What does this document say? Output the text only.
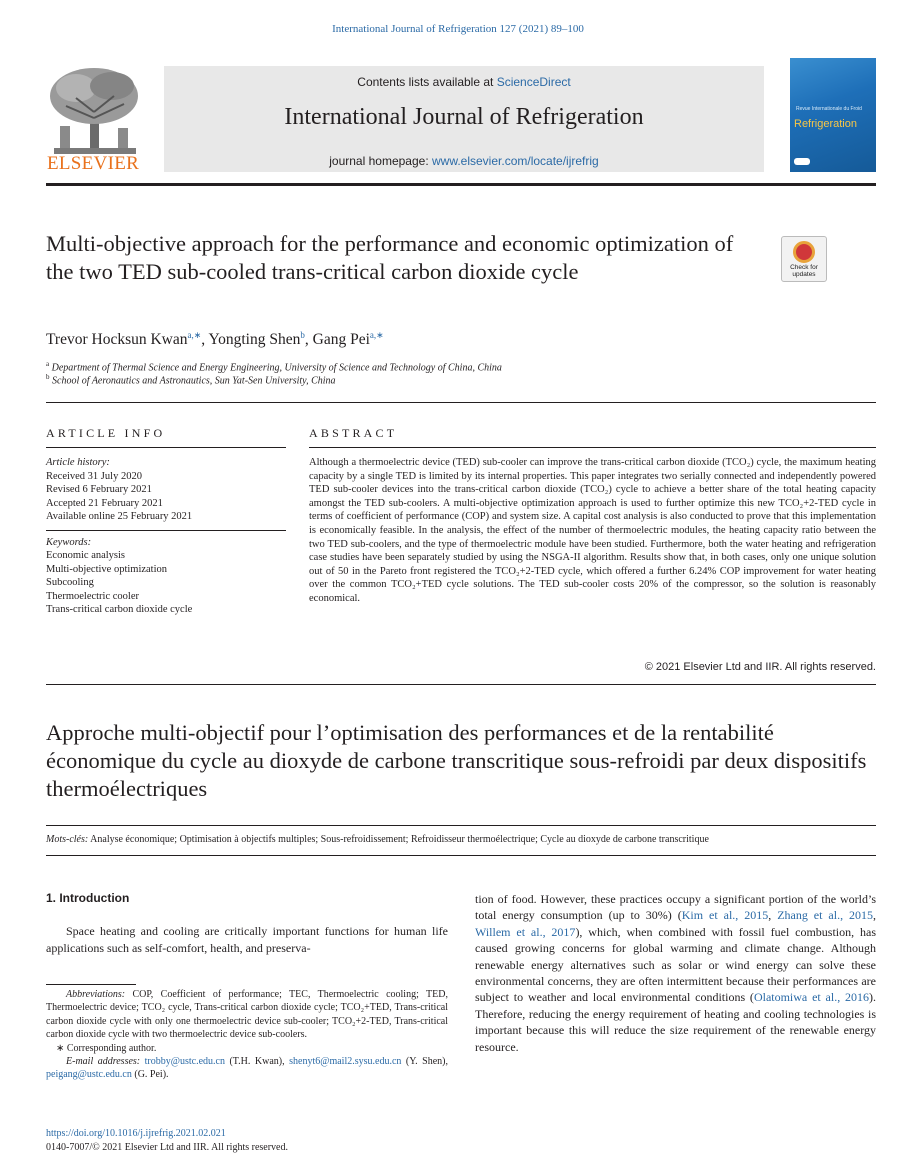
International Journal of Refrigeration 127 (2021) 89–100
ELSEVIER
Contents lists available at ScienceDirect
International Journal of Refrigeration
journal homepage: www.elsevier.com/locate/ijrefrig
Revue Internationale du Froid
Refrigeration
Multi-objective approach for the performance and economic optimization of the two TED sub-cooled trans-critical carbon dioxide cycle	Check for updates
Trevor Hocksun Kwan$^{a,∗}$, Yongting Shen$^b$, Gang Pei$^{a,∗}$
$^a$ Department of Thermal Science and Energy Engineering, University of Science and Technology of China, China
$^b$ School of Aeronautics and Astronautics, Sun Yat-Sen University, China
ARTICLE INFO	ABSTRACT
Article history:
Received 31 July 2020
Revised 6 February 2021
Accepted 21 February 2021
Available online 25 February 2021
Keywords:
Economic analysis
Multi-objective optimization
Subcooling
Thermoelectric cooler
Trans-critical carbon dioxide cycle
Although a thermoelectric device (TED) sub-cooler can improve the trans-critical carbon dioxide (TCO₂) cycle, the maximum heating capacity by a single TED is limited by its internal properties. This paper integrates two serially connected and independently powered TED sub-cooler devices into the trans-critical carbon dioxide (TCO₂) cycle to achieve a better share of the total heating capacity amongst the TED sub-coolers. A multi-objective optimization approach is used to further optimize this new TCO₂+2-TED cycle in terms of coefficient of performance (COP) and system size. A capital cost analysis is also conducted to prove that this implementation is economically feasible. In the analysis, the effect of the number of thermoelectric modules, the heating capacity ratio between the two TED sub-coolers, and the type of thermoelectric module have been studied. Furthermore, both the water heating and refrigeration case studies have been separately studied by using the NSGA-II algorithm. Results show that, in both cases, only one unique solution out of 50 in the Pareto front registered the TCO₂+2-TED cycle, which offered a further 6.24% COP improvement for water heating over the common TCO₂+TED cycle solutions. The TED sub-cooler costs 20% of the compressor, so the solution is reasonably economical.
© 2021 Elsevier Ltd and IIR. All rights reserved.
Approche multi-objectif pour l’optimisation des performances et de la rentabilité économique du cycle au dioxyde de carbone transcritique sous-refroidi par deux dispositifs thermoélectriques
Mots-clés: Analyse économique; Optimisation à objectifs multiples; Sous-refroidissement; Refroidisseur thermoélectrique; Cycle au dioxyde de carbone transcritique
1. Introduction
Space heating and cooling are critically important functions for human life applications such as self-comfort, health, and preserva-
Abbreviations: COP, Coefficient of performance; TEC, Thermoelectric cooling; TED, Thermoelectric device; TCO₂ cycle, Trans-critical carbon dioxide cycle; TCO₂+TED, Trans-critical carbon dioxide cycle with only one thermoelectric device sub-cooler; TCO₂+2-TED, Trans-critical carbon dioxide cycle with two thermoelectric device sub-coolers.
∗ Corresponding author.
E-mail addresses: trobby@ustc.edu.cn (T.H. Kwan), shenyt6@mail2.sysu.edu.cn (Y. Shen), peigang@ustc.edu.cn (G. Pei).
tion of food. However, these practices occupy a significant portion of the world’s total energy consumption (up to 30%) (Kim et al., 2015, Zhang et al., 2015, Willem et al., 2017), which, when combined with fossil fuel combustion, has caused growing concerns for global warming and climate change. Although renewable energy alternatives such as solar or wind energy can solve these environmental concerns, they are often intermittent because their performances are subject to weather and local environmental conditions (Olatomiwa et al., 2016). Therefore, reducing the energy requirement of heating and cooling technologies is important because this will reduce the size requirement of the renewable energy resource.
https://doi.org/10.1016/j.ijrefrig.2021.02.021
0140-7007/© 2021 Elsevier Ltd and IIR. All rights reserved.
